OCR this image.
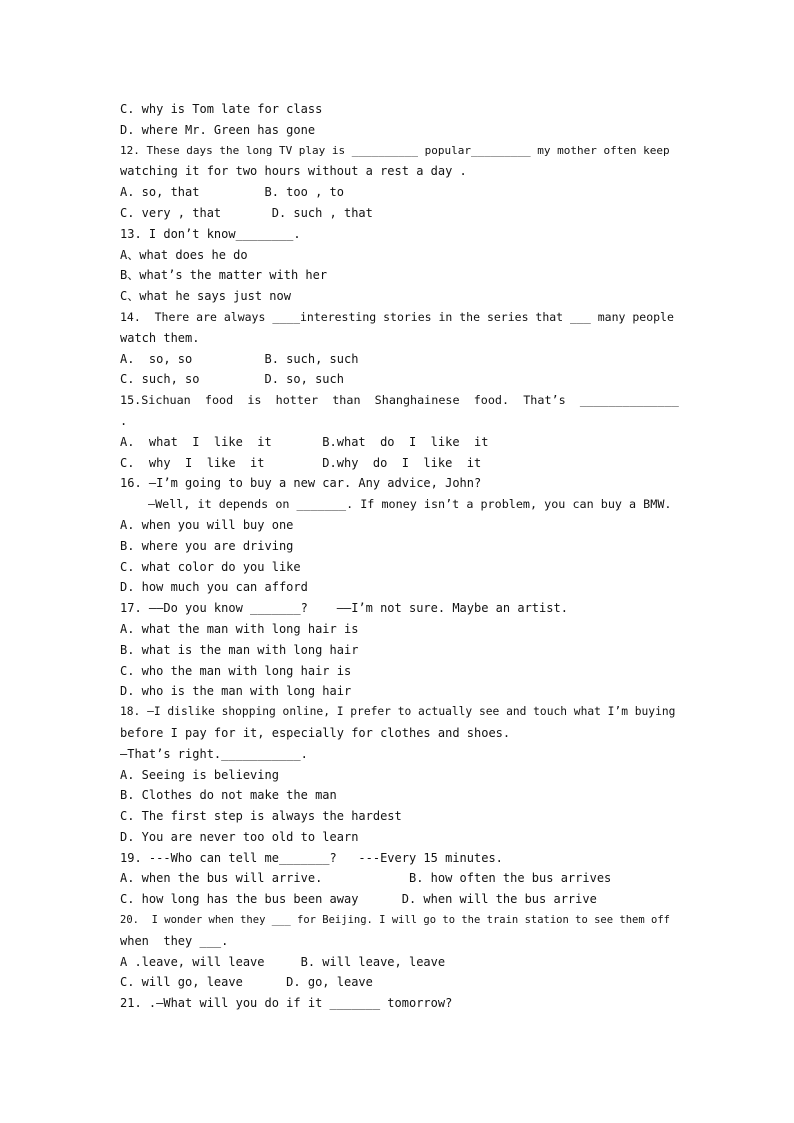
C. why is Tom late for class
D. where Mr. Green has gone
12. These days the long TV play is __________ popular_________ my mother often keep
watching it for two hours without a rest a day .
A. so, that         B. too , to
C. very , that       D. such , that
13. I don’t know________.
A、what does he do
B、what’s the matter with her
C、what he says just now
14.  There are always ____interesting stories in the series that ___ many people
watch them.
A.  so, so          B. such, such
C. such, so         D. so, such
15.Sichuan  food  is  hotter  than  Shanghainese  food.  That’s  ______________
.
A.  what  I  like  it       B.what  do  I  like  it
C.  why  I  like  it        D.why  do  I  like  it
16. —I’m going to buy a new car. Any advice, John?
—Well, it depends on _______. If money isn’t a problem, you can buy a BMW.
A. when you will buy one
B. where you are driving
C. what color do you like
D. how much you can afford
17. ——Do you know _______?    ——I’m not sure. Maybe an artist.
A. what the man with long hair is
B. what is the man with long hair
C. who the man with long hair is
D. who is the man with long hair
18. —I dislike shopping online, I prefer to actually see and touch what I’m buying
before I pay for it, especially for clothes and shoes.
—That’s right.___________.
A. Seeing is believing
B. Clothes do not make the man
C. The first step is always the hardest
D. You are never too old to learn
19. ---Who can tell me_______?   ---Every 15 minutes.
A. when the bus will arrive.            B. how often the bus arrives
C. how long has the bus been away      D. when will the bus arrive
20.  I wonder when they ___ for Beijing. I will go to the train station to see them off
when  they ___.
A .leave, will leave     B. will leave, leave
C. will go, leave      D. go, leave
21. .—What will you do if it _______ tomorrow?
